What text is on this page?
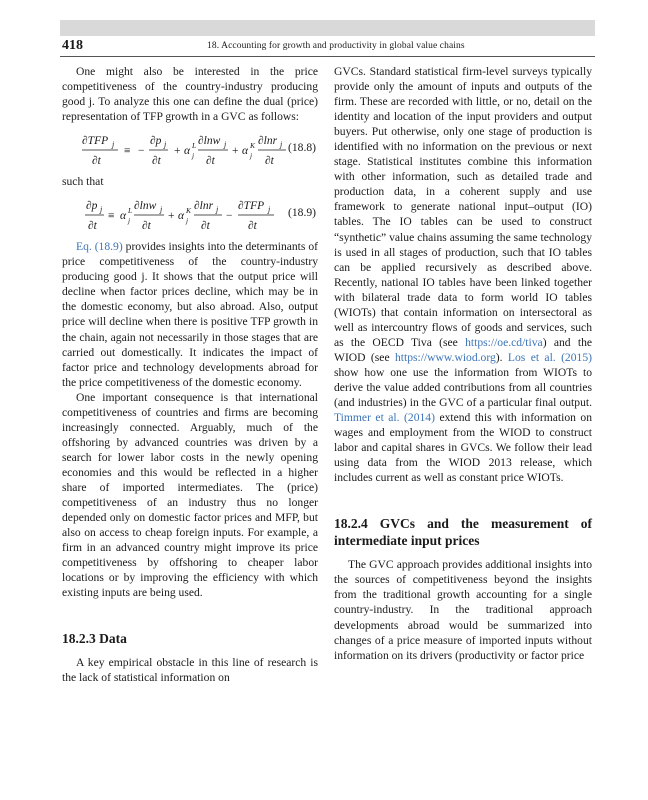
418	18. Accounting for growth and productivity in global value chains

One might also be interested in the price competitiveness of the country-industry producing good j. To analyze this one can define the dual (price) representation of TFP growth in a GVC as follows:

∂TFP j
∂t
≡ −
∂p j
∂t
+ α L
j
∂lnw j
∂t
+ α K
j
∂lnr j
∂t
(18.8)

such that

∂p j
∂t
≡ α L
j
∂lnw j
∂t
+ α K
j
∂lnr j
∂t
−
∂TFP j
∂t
(18.9)

Eq. (18.9) provides insights into the determinants of price competitiveness of the country-industry producing good j. It shows that the output price will decline when factor prices decline, which may be in the domestic economy, but also abroad. Also, output price will decline when there is positive TFP growth in the chain, again not necessarily in those stages that are carried out domestically. It indicates the impact of factor price and technology developments abroad for the price competitiveness of the domestic economy.

One important consequence is that international competitiveness of countries and firms are becoming increasingly connected. Arguably, much of the offshoring by advanced countries was driven by a search for lower labor costs in the newly opening economies and this would be reflected in a higher share of imported intermediates. The (price) competitiveness of an industry thus no longer depended only on domestic factor prices and MFP, but also on access to cheap foreign inputs. For example, a firm in an advanced country might improve its price competitiveness by offshoring to cheaper labor locations or by improving the efficiency with which existing inputs are being used.

18.2.3 Data

A key empirical obstacle in this line of research is the lack of statistical information on

GVCs. Standard statistical firm-level surveys typically provide only the amount of inputs and outputs of the firm. These are recorded with little, or no, detail on the identity and location of the input providers and output buyers. Put otherwise, only one stage of production is identified with no information on the previous or next stage. Statistical institutes combine this information with other information, such as detailed trade and production data, in a coherent supply and use framework to generate national input–output (IO) tables. The IO tables can be used to construct “synthetic” value chains assuming the same technology is used in all stages of production, such that IO tables can be applied recursively as described above. Recently, national IO tables have been linked together with bilateral trade data to form world IO tables (WIOTs) that contain information on intersectoral as well as intercountry flows of goods and services, such as the OECD Tiva (see https://oe.cd/tiva) and the WIOD (see https://www.wiod.org). Los et al. (2015) show how one use the information from WIOTs to derive the value added contributions from all countries (and industries) in the GVC of a particular final output. Timmer et al. (2014) extend this with information on wages and employment from the WIOD to construct labor and capital shares in GVCs. We follow their lead using data from the WIOD 2013 release, which includes current as well as constant price WIOTs.

18.2.4 GVCs and the measurement of intermediate input prices

The GVC approach provides additional insights into the sources of competitiveness beyond the insights from the traditional growth accounting for a single country-industry. In the traditional approach developments abroad would be summarized into changes of a price measure of imported inputs without information on its drivers (productivity or factor price
